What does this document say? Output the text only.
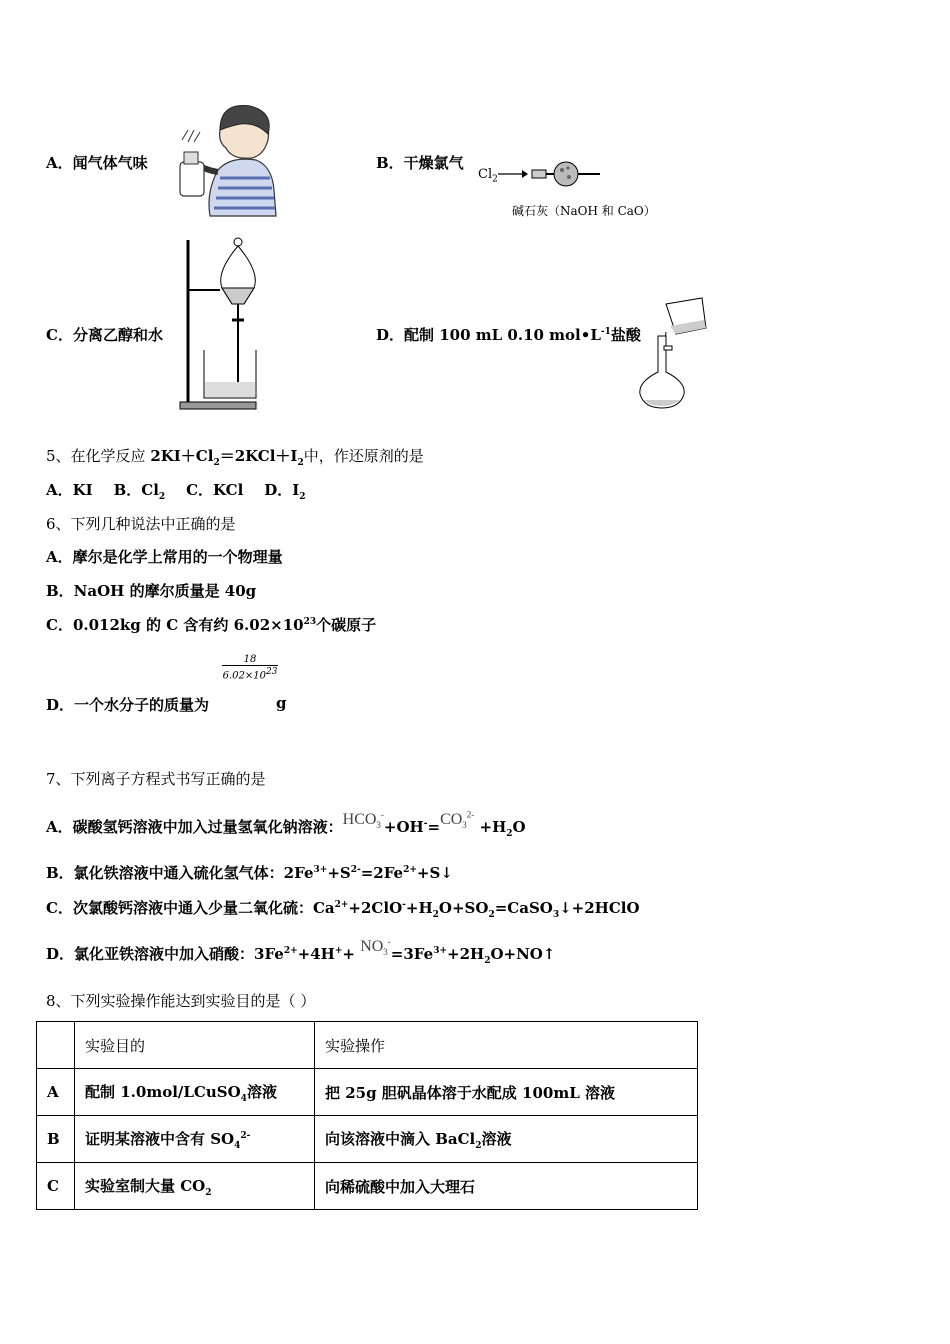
A．闻气体气味	B．干燥氯气
$Cl_2$
碱石灰（NaOH 和 CaO）
C．分离乙醇和水	D．配制 100 mL 0.10 $mol•L^{-1}$盐酸
5、在化学反应 $2KI+Cl_2=2KCl+I_2$中，作还原剂的是
A．KI B．$Cl_2$ C．KCl D．$I_2$
6、下列几种说法中正确的是
A．摩尔是化学上常用的一个物理量
B．NaOH 的摩尔质量是 40g
C．0.012kg 的 C 含有约 $6.02\times 10^{23}$个碳原子
18
$6.02\times 10^{23}$
D．一个水分子的质量为	g
7、下列离子方程式书写正确的是
A．碳酸氢钙溶液中加入过量氢氧化钠溶液：$HCO_3^-+OH^-=CO_3^{2-} +H_2O$
B．氯化铁溶液中通入硫化氢气体：$2Fe^{3+}+S^{2-}=2Fe^{2+}+S↓$
C．次氯酸钙溶液中通入少量二氧化硫：$Ca^{2+}+2ClO^-+H_2O+SO_2=CaSO_3↓+2HClO$
D．氯化亚铁溶液中加入硝酸：$3Fe^{2+}+4H^++$ $NO_3^-=3Fe^{3+}+2H_2O+NO↑$
8、下列实验操作能达到实验目的是（ ）
	实验目的	实验操作
A	配制 1.0mol/LCuSO$_4$溶液	把 25g 胆矾晶体溶于水配成 100mL 溶液
B	证明某溶液中含有 $SO_4^{2-}$	向该溶液中滴入 BaCl$_2$溶液
C	实验室制大量 $CO_2$	向稀硫酸中加入大理石
